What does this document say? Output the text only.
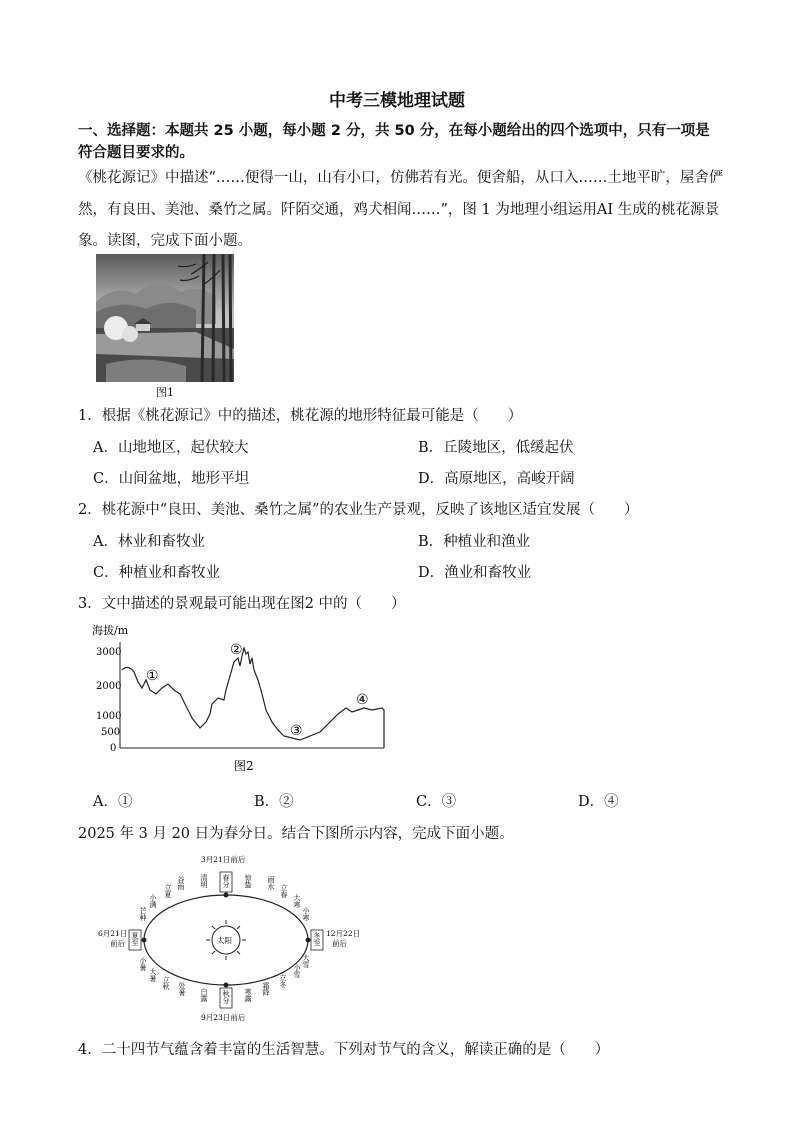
中考三模地理试题
一、选择题：本题共 25 小题，每小题 2 分，共 50 分，在每小题给出的四个选项中，只有一项是
符合题目要求的。
《桃花源记》中描述“……便得一山，山有小口，仿佛若有光。便舍船，从口入……土地平旷，屋舍俨
然，有良田、美池、桑竹之属。阡陌交通，鸡犬相闻……”，图 1 为地理小组运用AI 生成的桃花源景
象。读图，完成下面小题。
图1
1．根据《桃花源记》中的描述，桃花源的地形特征最可能是（　　）
A．山地地区，起伏较大	B．丘陵地区，低缓起伏
C．山间盆地，地形平坦	D．高原地区，高峻开阔
2．桃花源中“良田、美池、桑竹之属”的农业生产景观，反映了该地区适宜发展（　　）
A．林业和畜牧业	B．种植业和渔业
C．种植业和畜牧业	D．渔业和畜牧业
3．文中描述的景观最可能出现在图2 中的（　　）
海拔/m
3000
2000
1000
500
0
①
②
③
④
图2
A．①	B．②	C．③	D．④
2025 年 3 月 20 日为春分日。结合下图所示内容，完成下面小题。
太阳
3月21日前后
9月23日前后
6月21日
前后
12月22日
前后
春分
秋分
夏至	冬至
谷雨 清明	惊蛰 雨水
立夏
小满
芒种
立春
大寒
小寒
小暑
大暑
立秋 处暑 白露	寒露 霜降
立冬
小雪
大雪
4．二十四节气蕴含着丰富的生活智慧。下列对节气的含义，解读正确的是（　　）
